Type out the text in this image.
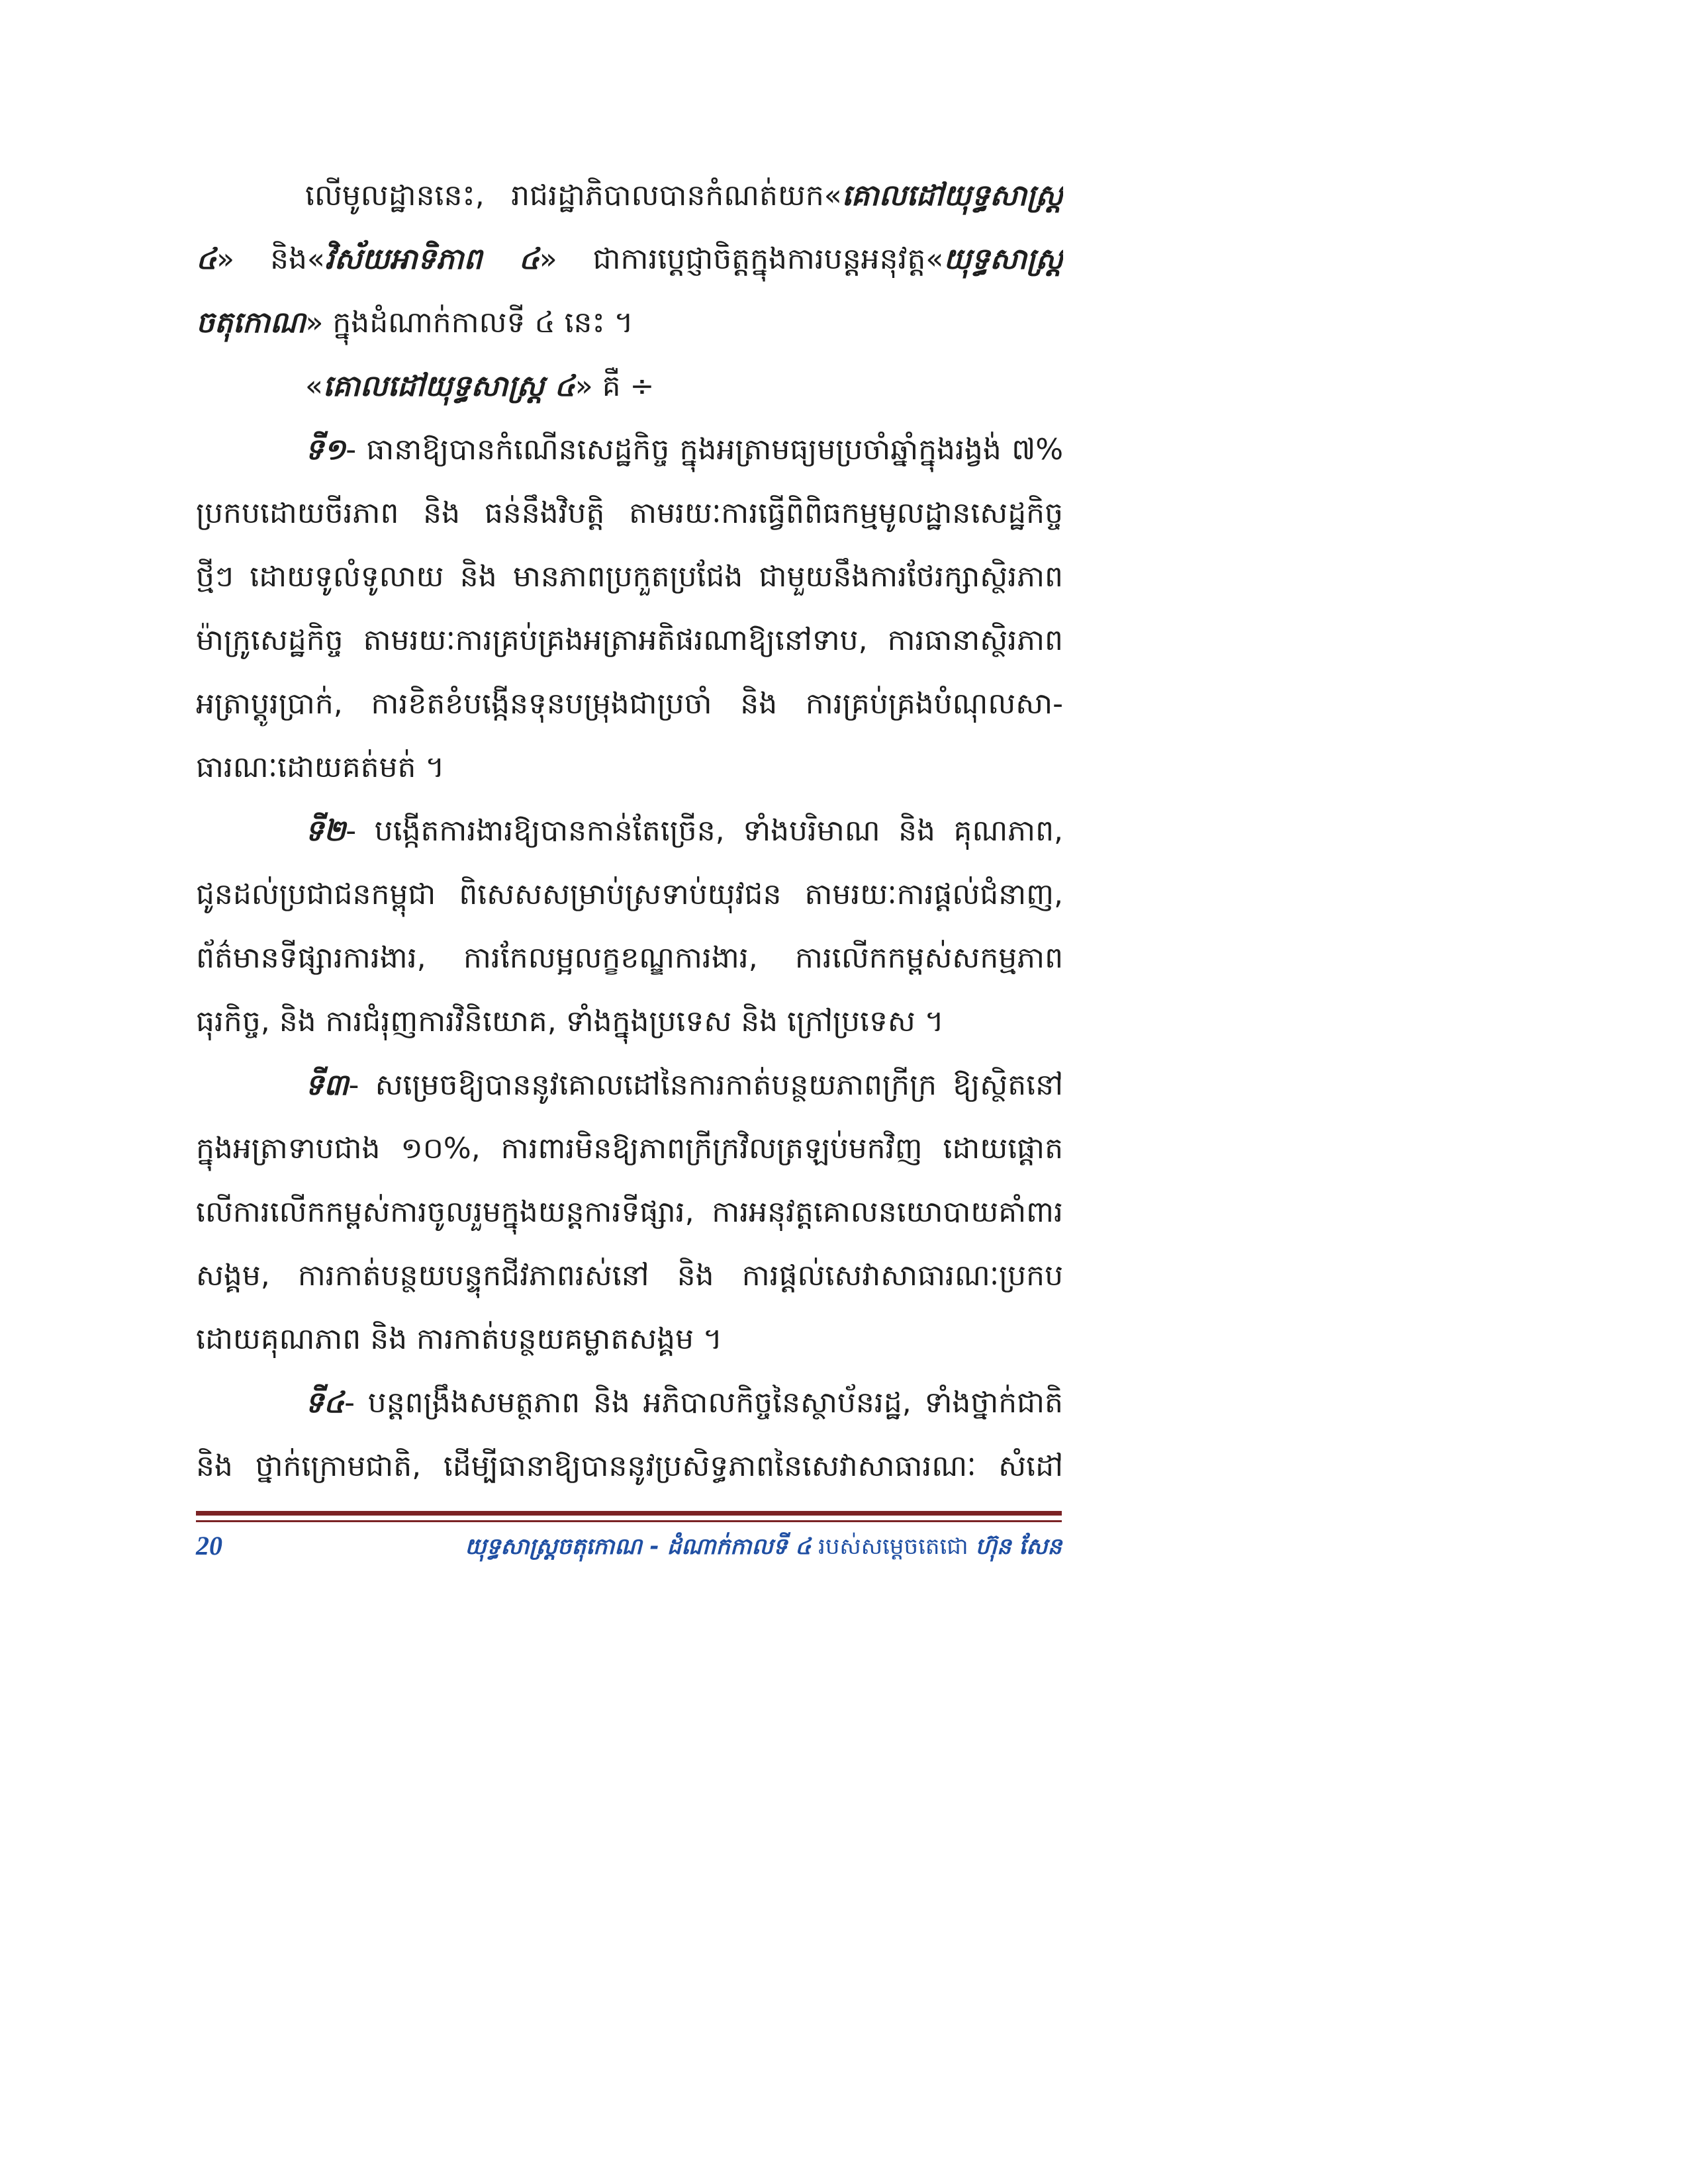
លើមូលដ្ឋាននេះ, រាជរដ្ឋាភិបាលបានកំណត់យក«គោលដៅយុទ្ធសាស្ត្រ
៤» និង«វិស័យអាទិភាព ៤» ជាការប្តេជ្ញាចិត្តក្នុងការបន្តអនុវត្ត«យុទ្ធសាស្ត្រ
ចតុកោណ» ក្នុងដំណាក់កាលទី ៤ នេះ ។
«គោលដៅយុទ្ធសាស្ត្រ ៤» គឺ ÷
ទី១- ធានាឱ្យបានកំណើនសេដ្ឋកិច្ច ក្នុងអត្រាមធ្យមប្រចាំឆ្នាំក្នុងរង្វង់ ៧%
ប្រកបដោយចីរភាព និង ធន់នឹងវិបត្តិ តាមរយៈការធ្វើពិពិធកម្មមូលដ្ឋានសេដ្ឋកិច្ច
ថ្មីៗ ដោយទូលំទូលាយ និង មានភាពប្រកួតប្រជែង ជាមួយនឹងការថែរក្សាស្ថិរភាព
ម៉ាក្រូសេដ្ឋកិច្ច តាមរយៈការគ្រប់គ្រងអត្រាអតិផរណាឱ្យនៅទាប, ការធានាស្ថិរភាព
អត្រាប្តូរប្រាក់, ការខិតខំបង្កើនទុនបម្រុងជាប្រចាំ និង ការគ្រប់គ្រងបំណុលសា-
ធារណៈដោយគត់មត់ ។
ទី២- បង្កើតការងារឱ្យបានកាន់តែច្រើន, ទាំងបរិមាណ និង គុណភាព,
ជូនដល់ប្រជាជនកម្ពុជា ពិសេសសម្រាប់ស្រទាប់យុវជន តាមរយៈការផ្តល់ជំនាញ,
ព័ត៌មានទីផ្សារការងារ, ការកែលម្អលក្ខខណ្ឌការងារ, ការលើកកម្ពស់សកម្មភាព
ធុរកិច្ច, និង ការជំរុញការវិនិយោគ, ទាំងក្នុងប្រទេស និង ក្រៅប្រទេស ។
ទី៣- សម្រេចឱ្យបាននូវគោលដៅនៃការកាត់បន្ថយភាពក្រីក្រ ឱ្យស្ថិតនៅ
ក្នុងអត្រាទាបជាង ១០%, ការពារមិនឱ្យភាពក្រីក្រវិលត្រឡប់មកវិញ ដោយផ្តោត
លើការលើកកម្ពស់ការចូលរួមក្នុងយន្តការទីផ្សារ, ការអនុវត្តគោលនយោបាយគាំពារ
សង្គម, ការកាត់បន្ថយបន្ទុកជីវភាពរស់នៅ និង ការផ្តល់សេវាសាធារណៈប្រកប
ដោយគុណភាព និង ការកាត់បន្ថយគម្លាតសង្គម ។
ទី៤- បន្តពង្រឹងសមត្ថភាព និង អភិបាលកិច្ចនៃស្ថាប័នរដ្ឋ, ទាំងថ្នាក់ជាតិ
និង ថ្នាក់ក្រោមជាតិ, ដើម្បីធានាឱ្យបាននូវប្រសិទ្ធភាពនៃសេវាសាធារណៈ សំដៅ
20	យុទ្ធសាស្ត្រចតុកោណ - ដំណាក់កាលទី ៤ របស់សម្តេចតេជោ ហ៊ុន សែន
